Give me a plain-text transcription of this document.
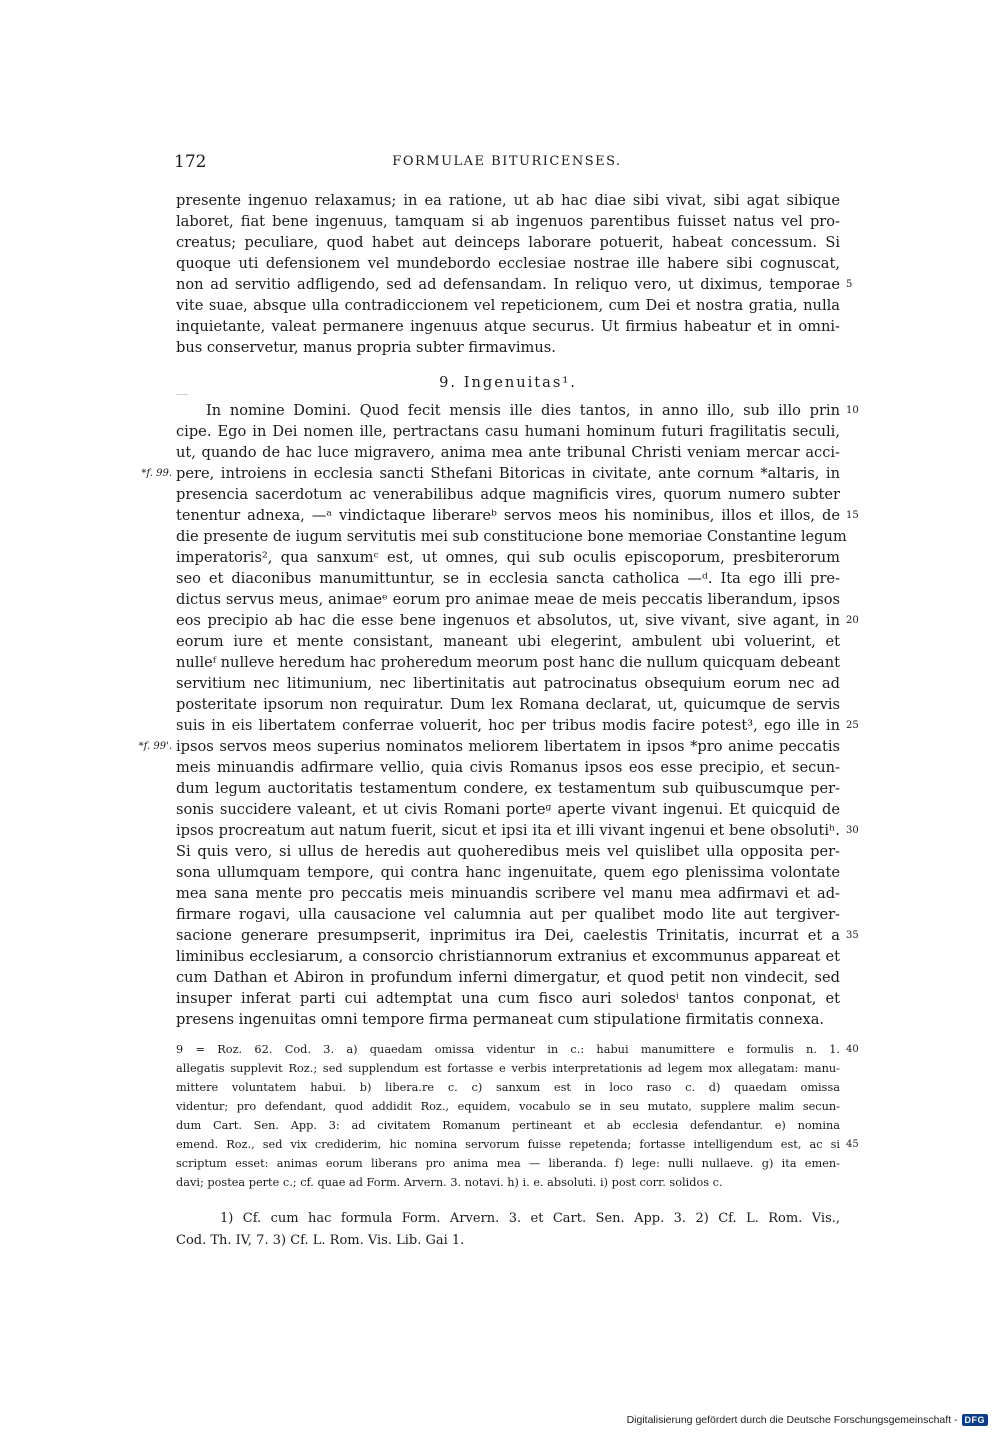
172	FORMULAE BITURICENSES.
presente ingenuo relaxamus; in ea ratione, ut ab hac diae sibi vivat, sibi agat sibique
laboret, fiat bene ingenuus, tamquam si ab ingenuos parentibus fuisset natus vel pro-
creatus; peculiare, quod habet aut deinceps laborare potuerit, habeat concessum. Si
quoque uti defensionem vel mundebordo ecclesiae nostrae ille habere sibi cognuscat,
non ad servitio adfligendo, sed ad defensandam. In reliquo vero, ut diximus, temporae 5
vite suae, absque ulla contradiccionem vel repeticionem, cum Dei et nostra gratia, nulla
inquietante, valeat permanere ingenuus atque securus. Ut firmius habeatur et in omni-
bus conservetur, manus propria subter firmavimus.
9. Ingenuitas¹.
In nomine Domini. Quod fecit mensis ille dies tantos, in anno illo, sub illo prin 10
cipe. Ego in Dei nomen ille, pertractans casu humani hominum futuri fragilitatis seculi,
ut, quando de hac luce migravero, anima mea ante tribunal Christi veniam mercar acci-
pere, introiens in ecclesia sancti Sthefani Bitoricas in civitate, ante cornum *altaris, in
*f. 99.
presencia sacerdotum ac venerabilibus adque magnificis vires, quorum numero subter
tenentur adnexa, —ᵃ vindictaque liberareᵇ servos meos his nominibus, illos et illos, de 15
die presente de iugum servitutis mei sub constitucione bone memoriae Constantine legum
imperatoris², qua sanxumᶜ est, ut omnes, qui sub oculis episcoporum, presbiterorum
seo et diaconibus manumittuntur, se in ecclesia sancta catholica —ᵈ. Ita ego illi pre-
dictus servus meus, animaeᵉ eorum pro animae meae de meis peccatis liberandum, ipsos
eos precipio ab hac die esse bene ingenuos et absolutos, ut, sive vivant, sive agant, in 20
eorum iure et mente consistant, maneant ubi elegerint, ambulent ubi voluerint, et
nulleᶠ nulleve heredum hac proheredum meorum post hanc die nullum quicquam debeant
servitium nec litimunium, nec libertinitatis aut patrocinatus obsequium eorum nec ad
posteritate ipsorum non requiratur. Dum lex Romana declarat, ut, quicumque de servis
suis in eis libertatem conferrae voluerit, hoc per tribus modis facire potest³, ego ille in 25
ipsos servos meos superius nominatos meliorem libertatem in ipsos *pro anime peccatis
*f. 99'.
meis minuandis adfirmare vellio, quia civis Romanus ipsos eos esse precipio, et secun-
dum legum auctoritatis testamentum condere, ex testamentum sub quibuscumque per-
sonis succidere valeant, et ut civis Romani porteᵍ aperte vivant ingenui. Et quicquid de
ipsos procreatum aut natum fuerit, sicut et ipsi ita et illi vivant ingenui et bene obsolutiʰ. 30
Si quis vero, si ullus de heredis aut quoheredibus meis vel quislibet ulla opposita per-
sona ullumquam tempore, qui contra hanc ingenuitate, quem ego plenissima volontate
mea sana mente pro peccatis meis minuandis scribere vel manu mea adfirmavi et ad-
firmare rogavi, ulla causacione vel calumnia aut per qualibet modo lite aut tergiver-
sacione generare presumpserit, inprimitus ira Dei, caelestis Trinitatis, incurrat et a 35
liminibus ecclesiarum, a consorcio christiannorum extranius et excommunus appareat et
cum Dathan et Abiron in profundum inferni dimergatur, et quod petit non vindecit, sed
insuper inferat parti cui adtemptat una cum fisco auri soledosⁱ tantos conponat, et
presens ingenuitas omni tempore firma permaneat cum stipulatione firmitatis connexa.
9 = Roz. 62. Cod. 3. a) quaedam omissa videntur in c.: habui manumittere e formulis n. 1. 40
allegatis supplevit Roz.; sed supplendum est fortasse e verbis interpretationis ad legem mox allegatam: manu-
mittere voluntatem habui. b) libera.re c. c) sanxum est in loco raso c. d) quaedam omissa
videntur; pro defendant, quod addidit Roz., equidem, vocabulo se in seu mutato, supplere malim secun-
dum Cart. Sen. App. 3: ad civitatem Romanum pertineant et ab ecclesia defendantur. e) nomina
emend. Roz., sed vix crediderim, hic nomina servorum fuisse repetenda; fortasse intelligendum est, ac si 45
scriptum esset: animas eorum liberans pro anima mea — liberanda. f) lege: nulli nullaeve. g) ita emen-
davi; postea perte c.; cf. quae ad Form. Arvern. 3. notavi. h) i. e. absoluti. i) post corr. solidos c.
1) Cf. cum hac formula Form. Arvern. 3. et Cart. Sen. App. 3. 2) Cf. L. Rom. Vis.,
Cod. Th. IV, 7. 3) Cf. L. Rom. Vis. Lib. Gai 1.
Digitalisierung gefördert durch die Deutsche Forschungsgemeinschaft - DFG
